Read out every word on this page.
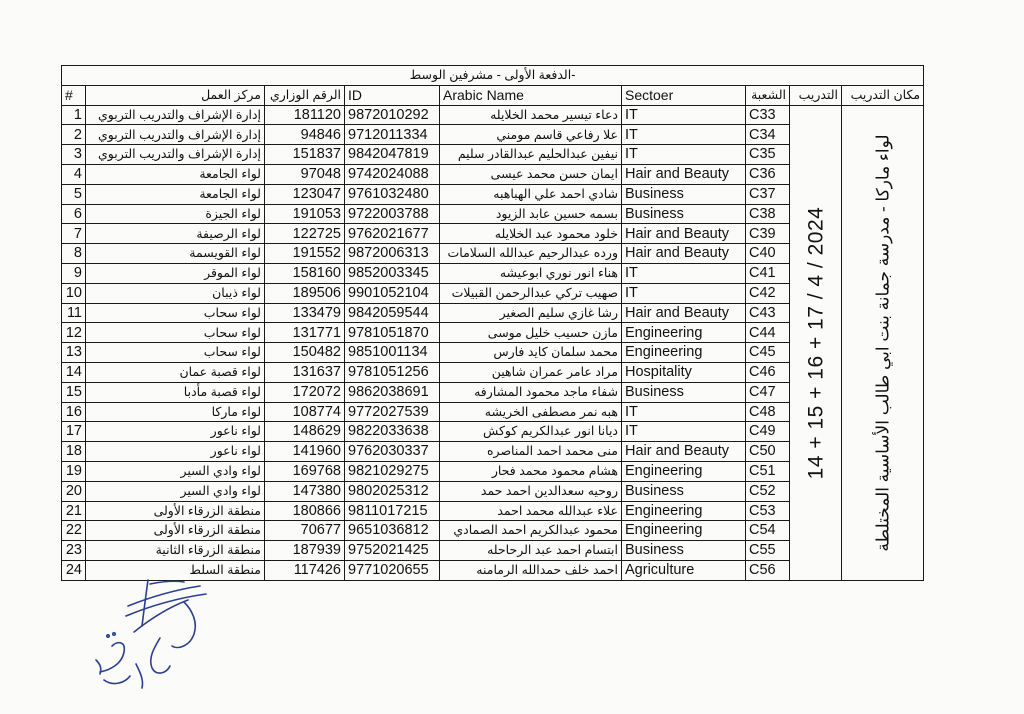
الدفعة الأولى - مشرفين الوسط-								
#	مركز العمل	الرقم الوزاري	ID	Arabic Name	Sectoer	الشعبة	التدريب	مكان التدريب
1	إدارة الإشراف والتدريب التربوي	181120	9872010292	دعاء تيسير محمد الخلايله	IT	C33	14 + 15 + 16 + 17 / 4 / 2024	لواء ماركا - مدرسة جمانة بنت ابي طالب الأساسية المختلطة

2	إدارة الإشراف والتدريب التربوي	94846	9712011334	علا رفاعي قاسم مومني	IT	C34		
3	إدارة الإشراف والتدريب التربوي	151837	9842047819	نيفين عبدالحليم عبدالقادر سليم	IT	C35		
4	لواء الجامعة	97048	9742024088	ايمان حسن محمد عيسى	Hair and Beauty	C36		
5	لواء الجامعة	123047	9761032480	شادي احمد علي الهباهبه	Business	C37		
6	لواء الجيزة	191053	9722003788	بسمه حسين عابد الزيود	Business	C38		
7	لواء الرصيفة	122725	9762021677	خلود محمود عبد الخلايله	Hair and Beauty	C39		
8	لواء القويسمة	191552	9872006313	ورده عبدالرحيم عبدالله السلامات	Hair and Beauty	C40		
9	لواء الموقر	158160	9852003345	هناء انور نوري ابوعيشه	IT	C41		
10	لواء ذيبان	189506	9901052104	صهيب تركي عبدالرحمن القبيلات	IT	C42		
11	لواء سحاب	133479	9842059544	رشا غازي سليم الصغير	Hair and Beauty	C43		
12	لواء سحاب	131771	9781051870	مازن حسيب خليل موسى	Engineering	C44		
13	لواء سحاب	150482	9851001134	محمد سلمان كايد فارس	Engineering	C45		
14	لواء قصبة عمان	131637	9781051256	مراد عامر عمران شاهين	Hospitality	C46		
15	لواء قصبة مأدبا	172072	9862038691	شفاء ماجد محمود المشارفه	Business	C47		
16	لواء ماركا	108774	9772027539	هبه نمر مصطفى الخريشه	IT	C48		
17	لواء ناعور	148629	9822033638	ديانا انور عبدالكريم كوكش	IT	C49		
18	لواء ناعور	141960	9762030337	منى محمد احمد المناصره	Hair and Beauty	C50		
19	لواء وادي السير	169768	9821029275	هشام محمود محمد فحار	Engineering	C51		
20	لواء وادي السير	147380	9802025312	روحيه سعدالدين احمد حمد	Business	C52		
21	منطقة الزرقاء الأولى	180866	9811017215	علاء عبدالله محمد احمد	Engineering	C53		
22	منطقة الزرقاء الأولى	70677	9651036812	محمود عبدالكريم احمد الصمادي	Engineering	C54		
23	منطقة الزرقاء الثانية	187939	9752021425	ابتسام احمد عبد الرحاحله	Business	C55		
24	منطقة السلط	117426	9771020655	احمد خلف حمدالله الرمامنه	Agriculture	C56		
